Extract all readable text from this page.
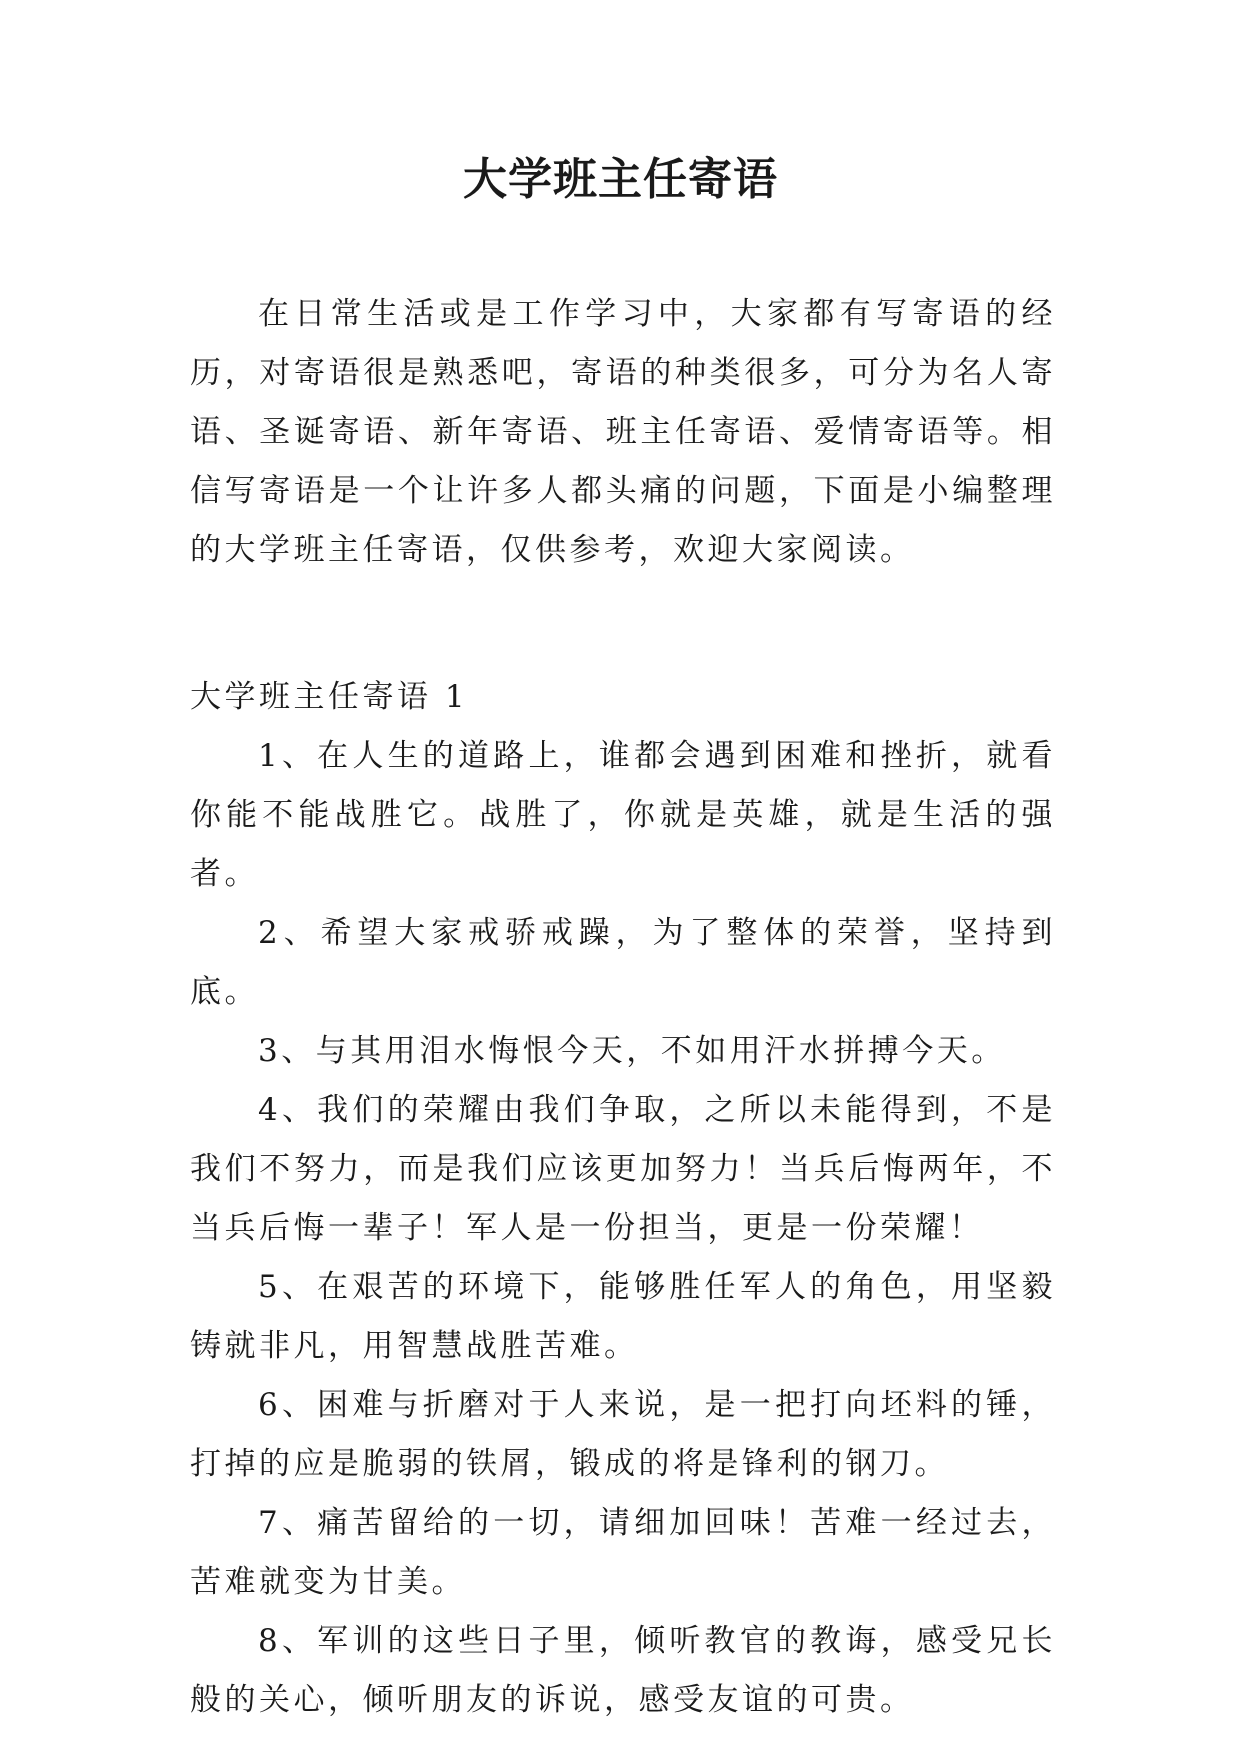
大学班主任寄语

在日常生活或是工作学习中，大家都有写寄语的经历，对寄语很是熟悉吧，寄语的种类很多，可分为名人寄语、圣诞寄语、新年寄语、班主任寄语、爱情寄语等。相信写寄语是一个让许多人都头痛的问题，下面是小编整理的大学班主任寄语，仅供参考，欢迎大家阅读。

大学班主任寄语 1

1、在人生的道路上，谁都会遇到困难和挫折，就看你能不能战胜它。战胜了，你就是英雄，就是生活的强者。

2、希望大家戒骄戒躁，为了整体的荣誉，坚持到底。

3、与其用泪水悔恨今天，不如用汗水拼搏今天。

4、我们的荣耀由我们争取，之所以未能得到，不是我们不努力，而是我们应该更加努力！当兵后悔两年，不当兵后悔一辈子！军人是一份担当，更是一份荣耀！

5、在艰苦的环境下，能够胜任军人的角色，用坚毅铸就非凡，用智慧战胜苦难。

6、困难与折磨对于人来说，是一把打向坯料的锤，打掉的应是脆弱的铁屑，锻成的将是锋利的钢刀。

7、痛苦留给的一切，请细加回味！苦难一经过去，苦难就变为甘美。

8、军训的这些日子里，倾听教官的教诲，感受兄长般的关心，倾听朋友的诉说，感受友谊的可贵。
